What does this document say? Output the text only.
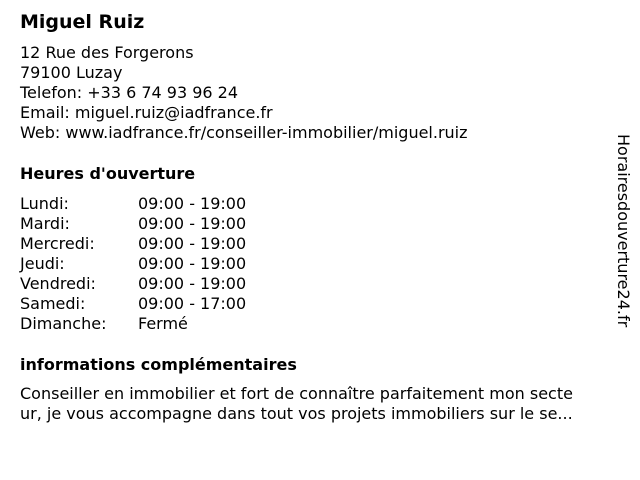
Miguel Ruiz
12 Rue des Forgerons
79100 Luzay
Telefon: +33 6 74 93 96 24
Email: miguel.ruiz@iadfrance.fr
Web: www.iadfrance.fr/conseiller-immobilier/miguel.ruiz
Heures d'ouverture
Lundi:	09:00 - 19:00
Mardi:	09:00 - 19:00
Mercredi:	09:00 - 19:00
Jeudi:	09:00 - 19:00
Vendredi:	09:00 - 19:00
Samedi:	09:00 - 17:00
Dimanche: Fermé
informations complémentaires
Conseiller en immobilier et fort de connaître parfaitement mon secte
ur, je vous accompagne dans tout vos projets immobiliers sur le se...
Horairesdouverture24.fr
